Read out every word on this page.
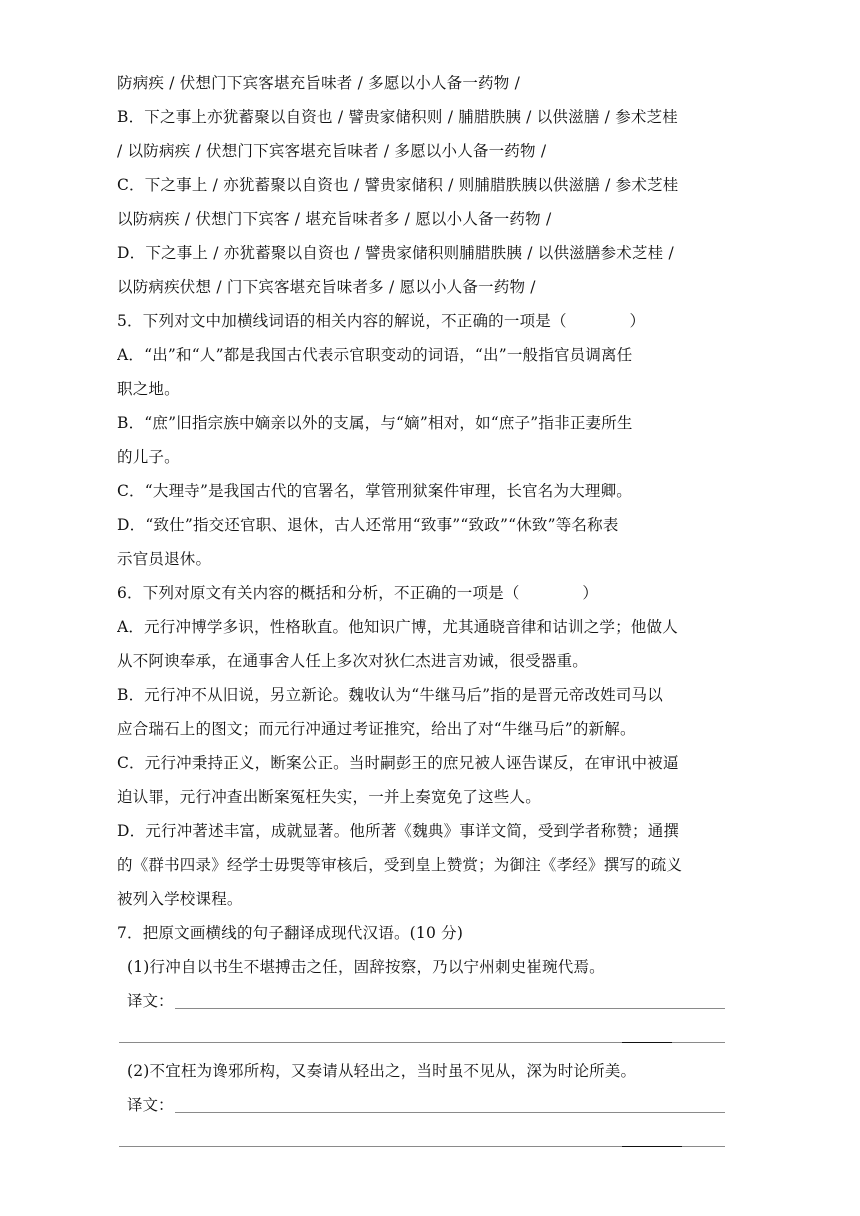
防病疾 / 伏想门下宾客堪充旨味者 / 多愿以小人备一药物 /
B．下之事上亦犹蓄聚以自资也 / 譬贵家储积则 / 脯腊胅胰 / 以供滋膳 / 参术芝桂
/ 以防病疾 / 伏想门下宾客堪充旨味者 / 多愿以小人备一药物 /
C．下之事上 / 亦犹蓄聚以自资也 / 譬贵家储积 / 则脯腊胅胰以供滋膳 / 参术芝桂
以防病疾 / 伏想门下宾客 / 堪充旨味者多 / 愿以小人备一药物 /
D．下之事上 / 亦犹蓄聚以自资也 / 譬贵家储积则脯腊胅胰 / 以供滋膳参术芝桂 /
以防病疾伏想 / 门下宾客堪充旨味者多 / 愿以小人备一药物 /
5．下列对文中加横线词语的相关内容的解说，不正确的一项是（　　　　）
A．“出”和“人”都是我国古代表示官职变动的词语，“出”一般指官员调离任
职之地。
B．“庶”旧指宗族中嫡亲以外的支属，与“嫡”相对，如“庶子”指非正妻所生
的儿子。
C．“大理寺”是我国古代的官署名，掌管刑狱案件审理，长官名为大理卿。
D．“致仕”指交还官职、退休，古人还常用“致事”“致政”“休致”等名称表
示官员退休。
6．下列对原文有关内容的概括和分析，不正确的一项是（　　　　）
A．元行冲博学多识，性格耿直。他知识广博，尤其通晓音律和诂训之学；他做人
从不阿谀奉承，在通事舍人任上多次对狄仁杰进言劝诫，很受器重。
B．元行冲不从旧说，另立新论。魏收认为“牛继马后”指的是晋元帝改姓司马以
应合瑞石上的图文；而元行冲通过考证推究，给出了对“牛继马后”的新解。
C．元行冲秉持正义，断案公正。当时嗣彭王的庶兄被人诬告谋反，在审讯中被逼
迫认罪，元行冲查出断案冤枉失实，一并上奏宽免了这些人。
D．元行冲著述丰富，成就显著。他所著《魏典》事详文简，受到学者称赞；通撰
的《群书四录》经学士毋煚等审核后，受到皇上赞赏；为御注《孝经》撰写的疏义
被列入学校课程。
7．把原文画横线的句子翻译成现代汉语。(10 分)
(1)行冲自以书生不堪搏击之任，固辞按察，乃以宁州刺史崔琬代焉。
译文：
(2)不宜枉为谗邪所构，又奏请从轻出之，当时虽不见从，深为时论所美。
译文：
